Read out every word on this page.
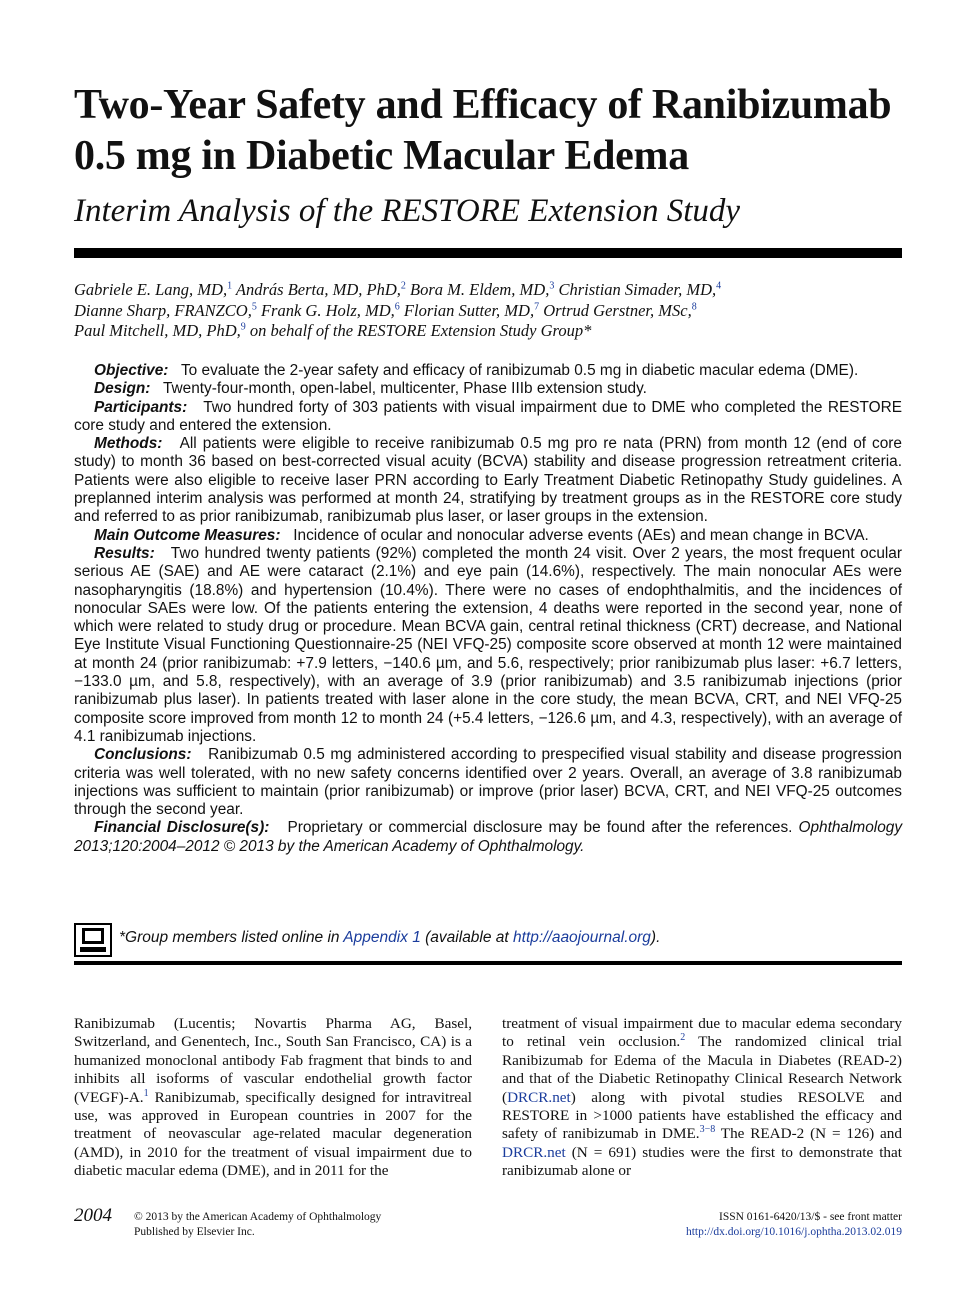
Two-Year Safety and Efficacy of Ranibizumab
0.5 mg in Diabetic Macular Edema
Interim Analysis of the RESTORE Extension Study
Gabriele E. Lang, MD,$^1$ András Berta, MD, PhD,$^2$ Bora M. Eldem, MD,$^3$ Christian Simader, MD,$^4$
Dianne Sharp, FRANZCO,$^5$ Frank G. Holz, MD,$^6$ Florian Sutter, MD,$^7$ Ortrud Gerstner, MSc,$^8$
Paul Mitchell, MD, PhD,$^9$ on behalf of the RESTORE Extension Study Group*

Objective: To evaluate the 2-year safety and efficacy of ranibizumab 0.5 mg in diabetic macular edema (DME).

Design: Twenty-four-month, open-label, multicenter, Phase IIIb extension study.

Participants: Two hundred forty of 303 patients with visual impairment due to DME who completed the RESTORE core study and entered the extension.

Methods: All patients were eligible to receive ranibizumab 0.5 mg pro re nata (PRN) from month 12 (end of core study) to month 36 based on best-corrected visual acuity (BCVA) stability and disease progression retreatment criteria. Patients were also eligible to receive laser PRN according to Early Treatment Diabetic Retinopathy Study guidelines. A preplanned interim analysis was performed at month 24, stratifying by treatment groups as in the RESTORE core study and referred to as prior ranibizumab, ranibizumab plus laser, or laser groups in the extension.

Main Outcome Measures: Incidence of ocular and nonocular adverse events (AEs) and mean change in BCVA.

Results: Two hundred twenty patients (92%) completed the month 24 visit. Over 2 years, the most frequent ocular serious AE (SAE) and AE were cataract (2.1%) and eye pain (14.6%), respectively. The main nonocular AEs were nasopharyngitis (18.8%) and hypertension (10.4%). There were no cases of endophthalmitis, and the incidences of nonocular SAEs were low. Of the patients entering the extension, 4 deaths were reported in the second year, none of which were related to study drug or procedure. Mean BCVA gain, central retinal thickness (CRT) decrease, and National Eye Institute Visual Functioning Questionnaire-25 (NEI VFQ-25) composite score observed at month 12 were maintained at month 24 (prior ranibizumab: +7.9 letters, −140.6 µm, and 5.6, respectively; prior ranibizumab plus laser: +6.7 letters, −133.0 µm, and 5.8, respectively), with an average of 3.9 (prior ranibizumab) and 3.5 ranibizumab injections (prior ranibizumab plus laser). In patients treated with laser alone in the core study, the mean BCVA, CRT, and NEI VFQ-25 composite score improved from month 12 to month 24 (+5.4 letters, −126.6 µm, and 4.3, respectively), with an average of 4.1 ranibizumab injections.

Conclusions: Ranibizumab 0.5 mg administered according to prespecified visual stability and disease progression criteria was well tolerated, with no new safety concerns identified over 2 years. Overall, an average of 3.8 ranibizumab injections was sufficient to maintain (prior ranibizumab) or improve (prior laser) BCVA, CRT, and NEI VFQ-25 outcomes through the second year.

Financial Disclosure(s): Proprietary or commercial disclosure may be found after the references. Ophthalmology 2013;120:2004–2012 © 2013 by the American Academy of Ophthalmology.

*Group members listed online in Appendix 1 (available at http://aaojournal.org).
Ranibizumab (Lucentis; Novartis Pharma AG, Basel, Switzerland, and Genentech, Inc., South San Francisco, CA) is a humanized monoclonal antibody Fab fragment that binds to and inhibits all isoforms of vascular endothelial growth factor (VEGF)-A.$^1$ Ranibizumab, specifically designed for intravitreal use, was approved in European countries in 2007 for the treatment of neovascular age-related macular degeneration (AMD), in 2010 for the treatment of visual impairment due to diabetic macular edema (DME), and in 2011 for the
treatment of visual impairment due to macular edema secondary to retinal vein occlusion.$^2$ The randomized clinical trial Ranibizumab for Edema of the Macula in Diabetes (READ-2) and that of the Diabetic Retinopathy Clinical Research Network (DRCR.net) along with pivotal studies RESOLVE and RESTORE in >1000 patients have established the efficacy and safety of ranibizumab in DME.$^{3-8}$ The READ-2 (N = 126) and DRCR.net (N = 691) studies were the first to demonstrate that ranibizumab alone or
2004 © 2013 by the American Academy of Ophthalmology
Published by Elsevier Inc.
ISSN 0161-6420/13/$ - see front matter
http://dx.doi.org/10.1016/j.ophtha.2013.02.019
